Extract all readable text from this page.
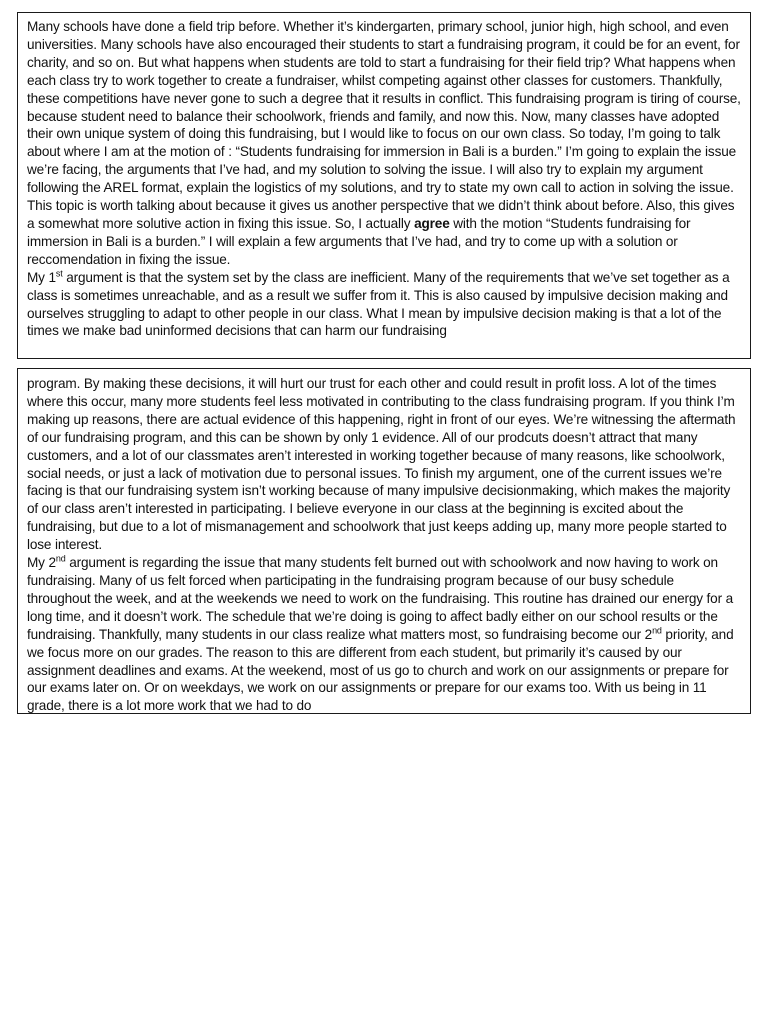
Many schools have done a field trip before. Whether it’s kindergarten, primary school, junior high, high school, and even universities. Many schools have also encouraged their students to start a fundraising program, it could be for an event, for charity, and so on. But what happens when students are told to start a fundraising for their field trip? What happens when each class try to work together to create a fundraiser, whilst competing against other classes for customers. Thankfully, these competitions have never gone to such a degree that it results in conflict. This fundraising program is tiring of course, because student need to balance their schoolwork, friends and family, and now this. Now, many classes have adopted their own unique system of doing this fundraising, but I would like to focus on our own class. So today, I’m going to talk about where I am at the motion of : “Students fundraising for immersion in Bali is a burden.” I’m going to explain the issue we’re facing, the arguments that I’ve had, and my solution to solving the issue. I will also try to explain my argument following the AREL format, explain the logistics of my solutions, and try to state my own call to action in solving the issue. This topic is worth talking about because it gives us another perspective that we didn’t think about before. Also, this gives a somewhat more solutive action in fixing this issue. So, I actually agree with the motion “Students fundraising for immersion in Bali is a burden.” I will explain a few arguments that I’ve had, and try to come up with a solution or reccomendation in fixing the issue.

My 1st argument is that the system set by the class are inefficient. Many of the requirements that we’ve set together as a class is sometimes unreachable, and as a result we suffer from it. This is also caused by impulsive decision making and ourselves struggling to adapt to other people in our class. What I mean by impulsive decision making is that a lot of the times we make bad uninformed decisions that can harm our fundraising

program. By making these decisions, it will hurt our trust for each other and could result in profit loss. A lot of the times where this occur, many more students feel less motivated in contributing to the class fundraising program. If you think I’m making up reasons, there are actual evidence of this happening, right in front of our eyes. We’re witnessing the aftermath of our fundraising program, and this can be shown by only 1 evidence. All of our prodcuts doesn’t attract that many customers, and a lot of our classmates aren’t interested in working together because of many reasons, like schoolwork, social needs, or just a lack of motivation due to personal issues. To finish my argument, one of the current issues we’re facing is that our fundraising system isn’t working because of many impulsive decisionmaking, which makes the majority of our class aren’t interested in participating. I believe everyone in our class at the beginning is excited about the fundraising, but due to a lot of mismanagement and schoolwork that just keeps adding up, many more people started to lose interest.

My 2nd argument is regarding the issue that many students felt burned out with schoolwork and now having to work on fundraising. Many of us felt forced when participating in the fundraising program because of our busy schedule throughout the week, and at the weekends we need to work on the fundraising. This routine has drained our energy for a long time, and it doesn’t work. The schedule that we’re doing is going to affect badly either on our school results or the fundraising. Thankfully, many students in our class realize what matters most, so fundraising become our 2nd priority, and we focus more on our grades. The reason to this are different from each student, but primarily it’s caused by our assignment deadlines and exams. At the weekend, most of us go to church and work on our assignments or prepare for our exams later on. Or on weekdays, we work on our assignments or prepare for our exams too. With us being in 11 grade, there is a lot more work that we had to do
